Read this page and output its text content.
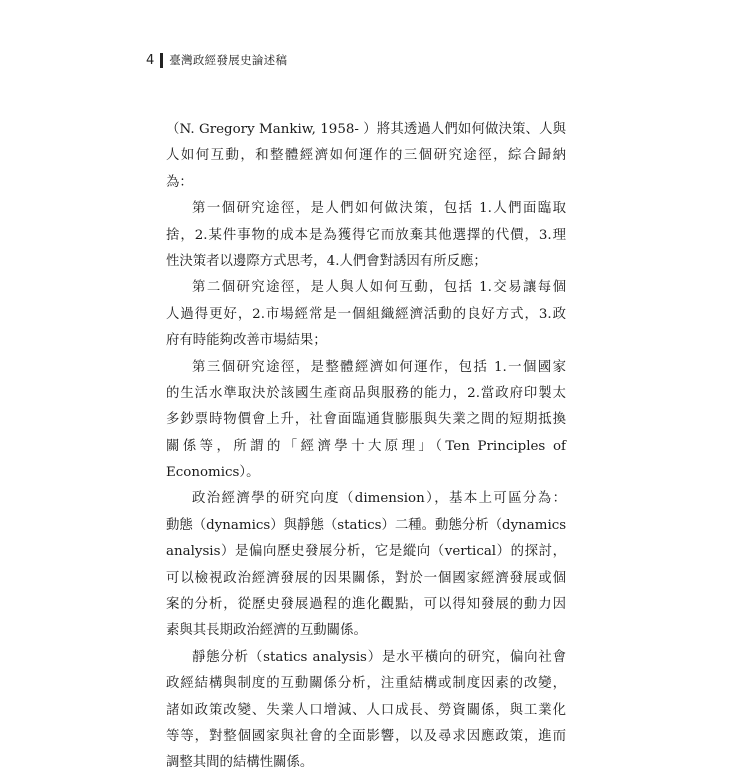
4 臺灣政經發展史論述稿
（N. Gregory Mankiw, 1958- ）將其透過人們如何做決策、人與
人如何互動，和整體經濟如何運作的三個研究途徑，綜合歸納
為：
第一個研究途徑，是人們如何做決策，包括 1.人們面臨取
捨，2.某件事物的成本是為獲得它而放棄其他選擇的代價，3.理
性決策者以邊際方式思考，4.人們會對誘因有所反應；
第二個研究途徑，是人與人如何互動，包括 1.交易讓每個
人過得更好，2.市場經常是一個組織經濟活動的良好方式，3.政
府有時能夠改善市場結果；
第三個研究途徑，是整體經濟如何運作，包括 1.一個國家
的生活水準取決於該國生產商品與服務的能力，2.當政府印製太
多鈔票時物價會上升，社會面臨通貨膨脹與失業之間的短期抵換
關係等，所謂的「經濟學十大原理」（Ten Principles of
Economics）。
政治經濟學的研究向度（dimension），基本上可區分為：
動態（dynamics）與靜態（statics）二種。動態分析（dynamics
analysis）是偏向歷史發展分析，它是縱向（vertical）的探討，
可以檢視政治經濟發展的因果關係，對於一個國家經濟發展或個
案的分析，從歷史發展過程的進化觀點，可以得知發展的動力因
素與其長期政治經濟的互動關係。
靜態分析（statics analysis）是水平橫向的研究，偏向社會
政經結構與制度的互動關係分析，注重結構或制度因素的改變，
諸如政策改變、失業人口增減、人口成長、勞資關係，與工業化
等等，對整個國家與社會的全面影響，以及尋求因應政策，進而
調整其間的結構性關係。
